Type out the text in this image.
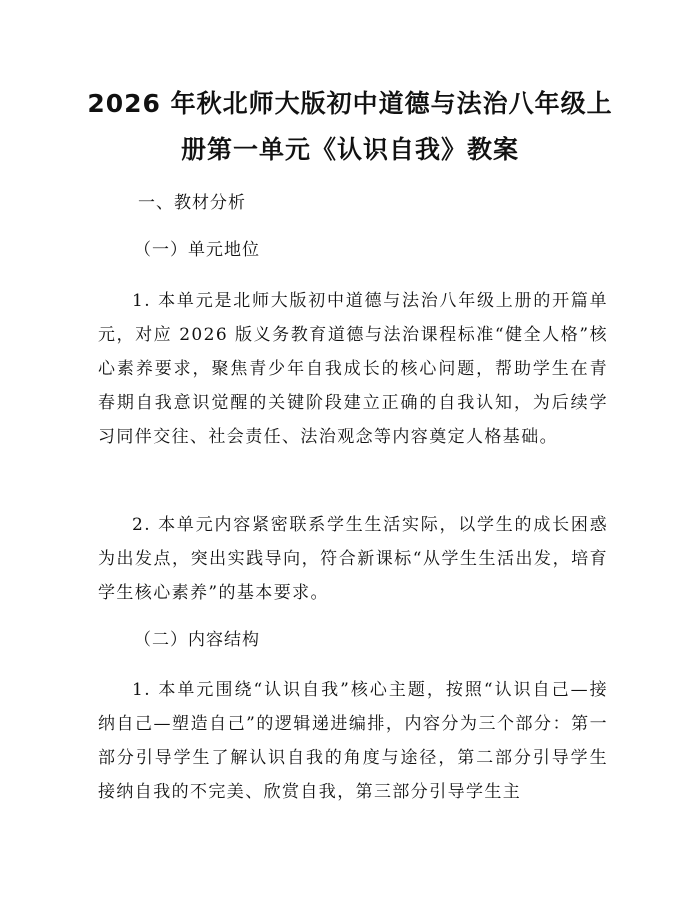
2026 年秋北师大版初中道德与法治八年级上
册第一单元《认识自我》教案
一、教材分析
（一）单元地位
1. 本单元是北师大版初中道德与法治八年级上册的开篇单元，对应 2026 版义务教育道德与法治课程标准“健全人格”核心素养要求，聚焦青少年自我成长的核心问题，帮助学生在青春期自我意识觉醒的关键阶段建立正确的自我认知，为后续学习同伴交往、社会责任、法治观念等内容奠定人格基础。
2. 本单元内容紧密联系学生生活实际，以学生的成长困惑为出发点，突出实践导向，符合新课标“从学生生活出发，培育学生核心素养”的基本要求。
（二）内容结构
1. 本单元围绕“认识自我”核心主题，按照“认识自己—接纳自己—塑造自己”的逻辑递进编排，内容分为三个部分：第一部分引导学生了解认识自我的角度与途径，第二部分引导学生接纳自我的不完美、欣赏自我，第三部分引导学生主
